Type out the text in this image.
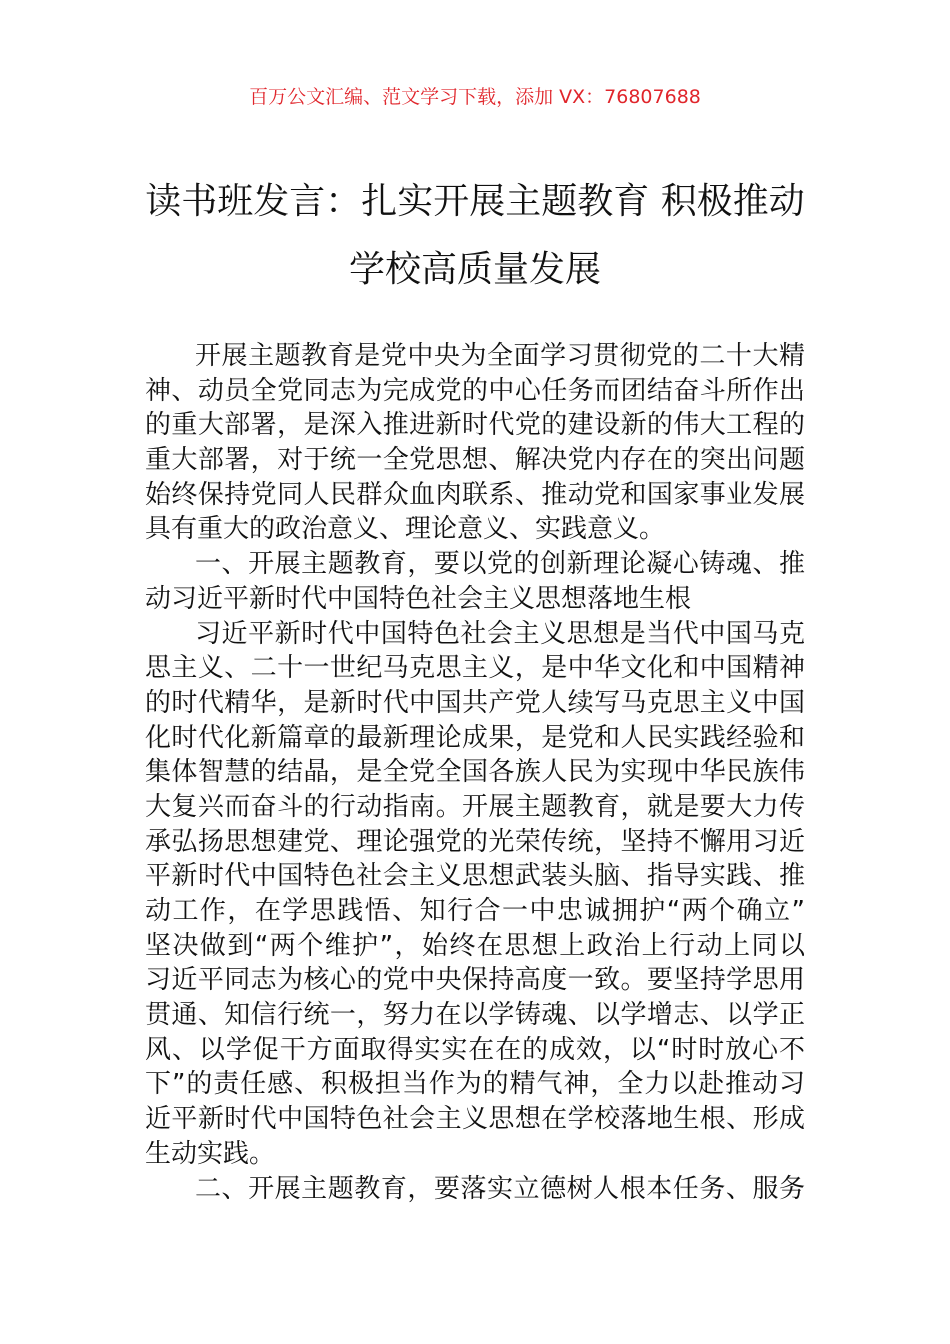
百万公文汇编、范文学习下载，添加 VX：76807688
读书班发言：扎实开展主题教育 积极推动
学校高质量发展
开展主题教育是党中央为全面学习贯彻党的二十大精
神、动员全党同志为完成党的中心任务而团结奋斗所作出
的重大部署，是深入推进新时代党的建设新的伟大工程的
重大部署，对于统一全党思想、解决党内存在的突出问题
始终保持党同人民群众血肉联系、推动党和国家事业发展
具有重大的政治意义、理论意义、实践意义。
一、开展主题教育，要以党的创新理论凝心铸魂、推
动习近平新时代中国特色社会主义思想落地生根
习近平新时代中国特色社会主义思想是当代中国马克
思主义、二十一世纪马克思主义，是中华文化和中国精神
的时代精华，是新时代中国共产党人续写马克思主义中国
化时代化新篇章的最新理论成果，是党和人民实践经验和
集体智慧的结晶，是全党全国各族人民为实现中华民族伟
大复兴而奋斗的行动指南。开展主题教育，就是要大力传
承弘扬思想建党、理论强党的光荣传统，坚持不懈用习近
平新时代中国特色社会主义思想武装头脑、指导实践、推
动工作，在学思践悟、知行合一中忠诚拥护“两个确立”
坚决做到“两个维护”，始终在思想上政治上行动上同以
习近平同志为核心的党中央保持高度一致。要坚持学思用
贯通、知信行统一，努力在以学铸魂、以学增志、以学正
风、以学促干方面取得实实在在的成效，以“时时放心不
下”的责任感、积极担当作为的精气神，全力以赴推动习
近平新时代中国特色社会主义思想在学校落地生根、形成
生动实践。
二、开展主题教育，要落实立德树人根本任务、服务
